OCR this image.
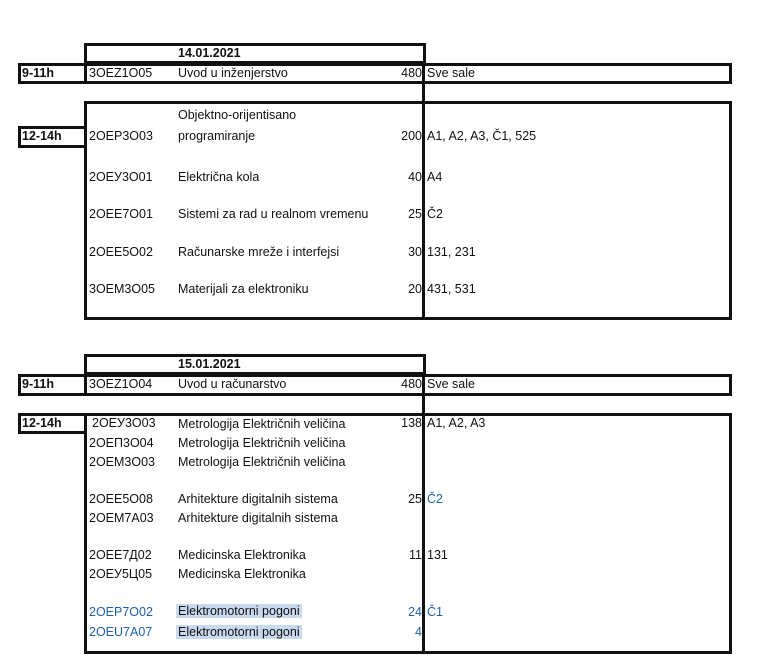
14.01.2021
9-11h	3OEZ1O05 Uvod u inženjerstvo	480 Sve sale
12-14h 2OEP3O03
Objektno-orijentisano
programiranje	200 A1, A2, A3, Č1, 525
2OEУ3O01 Električna kola	40 A4
2OEE7O01 Sistemi za rad u realnom vremenu	25 Č2
2OEE5O02 Računarske mreže i interfejsi	30 131, 231
3OEM3O05 Materijali za elektroniku	20 431, 531
15.01.2021
9-11h	3OEZ1O04 Uvod u računarstvo	480 Sve sale
12-14h 2OEУ3O03 Metrologija Električnih veličina	138 A1, A2, A3
2OEП3O04 Metrologija Električnih veličina
2OEM3O03 Metrologija Električnih veličina
2OEE5O08 Arhitekture digitalnih sistema	25 Č2
2OEM7A03 Arhitekture digitalnih sistema
2OEE7Д02 Medicinska Elektronika	11 131
2OEУ5Ц05 Medicinska Elektronika
2OEP7O02 Elektromotorni pogoni	24 Č1
2OEU7A07 Elektromotorni pogoni	4
